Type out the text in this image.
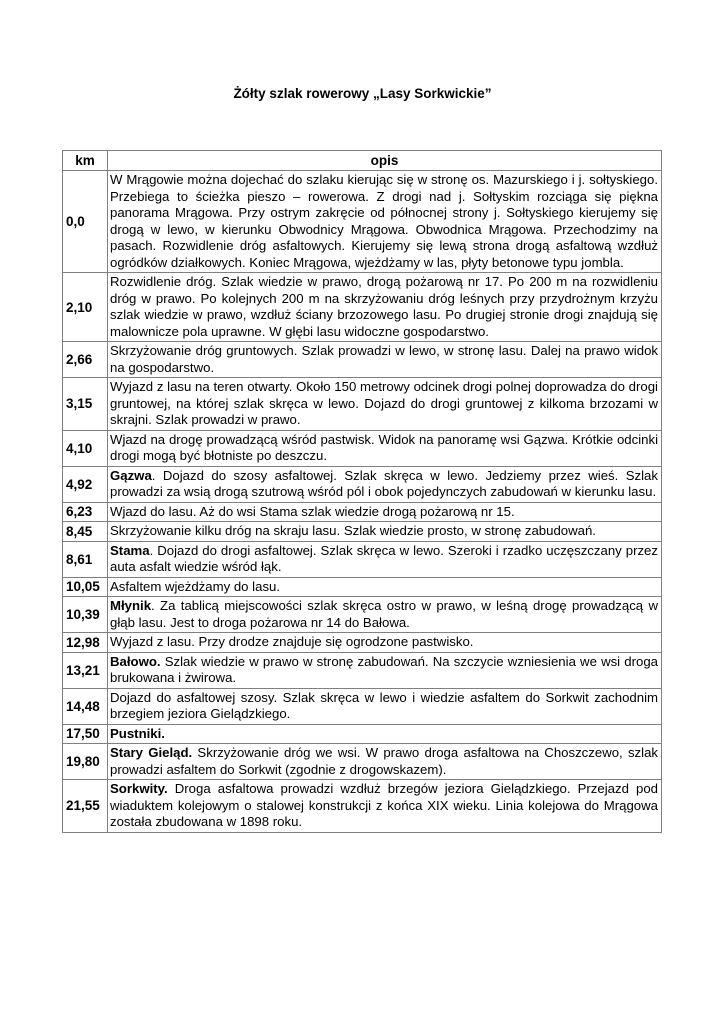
Żółty szlak rowerowy „Lasy Sorkwickie”
km	opis
0,0	W Mrągowie można dojechać do szlaku kierując się w stronę os. Mazurskiego i j. sołtyskiego. Przebiega to ścieżka pieszo – rowerowa. Z drogi nad j. Sołtyskim rozciąga się piękna panorama Mrągowa. Przy ostrym zakręcie od północnej strony j. Sołtyskiego kierujemy się drogą w lewo, w kierunku Obwodnicy Mrągowa. Obwodnica Mrągowa. Przechodzimy na pasach. Rozwidlenie dróg asfaltowych. Kierujemy się lewą strona drogą asfaltową wzdłuż ogródków działkowych. Koniec Mrągowa, wjeżdżamy w las, płyty betonowe typu jombla.
2,10	Rozwidlenie dróg. Szlak wiedzie w prawo, drogą pożarową nr 17. Po 200 m na rozwidleniu dróg w prawo. Po kolejnych 200 m na skrzyżowaniu dróg leśnych przy przydrożnym krzyżu szlak wiedzie w prawo, wzdłuż ściany brzozowego lasu. Po drugiej stronie drogi znajdują się malownicze pola uprawne. W głębi lasu widoczne gospodarstwo.
2,66	Skrzyżowanie dróg gruntowych. Szlak prowadzi w lewo, w stronę lasu. Dalej na prawo widok na gospodarstwo.
3,15	Wyjazd z lasu na teren otwarty. Około 150 metrowy odcinek drogi polnej doprowadza do drogi gruntowej, na której szlak skręca w lewo. Dojazd do drogi gruntowej z kilkoma brzozami w skrajni. Szlak prowadzi w prawo.
4,10	Wjazd na drogę prowadzącą wśród pastwisk. Widok na panoramę wsi Gązwa. Krótkie odcinki drogi mogą być błotniste po deszczu.
4,92	Gązwa. Dojazd do szosy asfaltowej. Szlak skręca w lewo. Jedziemy przez wieś. Szlak prowadzi za wsią drogą szutrową wśród pól i obok pojedynczych zabudowań w kierunku lasu.
6,23	Wjazd do lasu. Aż do wsi Stama szlak wiedzie drogą pożarową nr 15.
8,45	Skrzyżowanie kilku dróg na skraju lasu. Szlak wiedzie prosto, w stronę zabudowań.
8,61	Stama. Dojazd do drogi asfaltowej. Szlak skręca w lewo. Szeroki i rzadko uczęszczany przez auta asfalt wiedzie wśród łąk.
10,05	Asfaltem wjeżdżamy do lasu.
10,39	Młynik. Za tablicą miejscowości szlak skręca ostro w prawo, w leśną drogę prowadzącą w głąb lasu. Jest to droga pożarowa nr 14 do Bałowa.
12,98	Wyjazd z lasu. Przy drodze znajduje się ogrodzone pastwisko.
13,21	Bałowo. Szlak wiedzie w prawo w stronę zabudowań. Na szczycie wzniesienia we wsi droga brukowana i żwirowa.
14,48	Dojazd do asfaltowej szosy. Szlak skręca w lewo i wiedzie asfaltem do Sorkwit zachodnim brzegiem jeziora Gielądzkiego.
17,50	Pustniki.
19,80	Stary Gieląd. Skrzyżowanie dróg we wsi. W prawo droga asfaltowa na Choszczewo, szlak prowadzi asfaltem do Sorkwit (zgodnie z drogowskazem).
21,55	Sorkwity. Droga asfaltowa prowadzi wzdłuż brzegów jeziora Gielądzkiego. Przejazd pod wiaduktem kolejowym o stalowej konstrukcji z końca XIX wieku. Linia kolejowa do Mrągowa została zbudowana w 1898 roku.
